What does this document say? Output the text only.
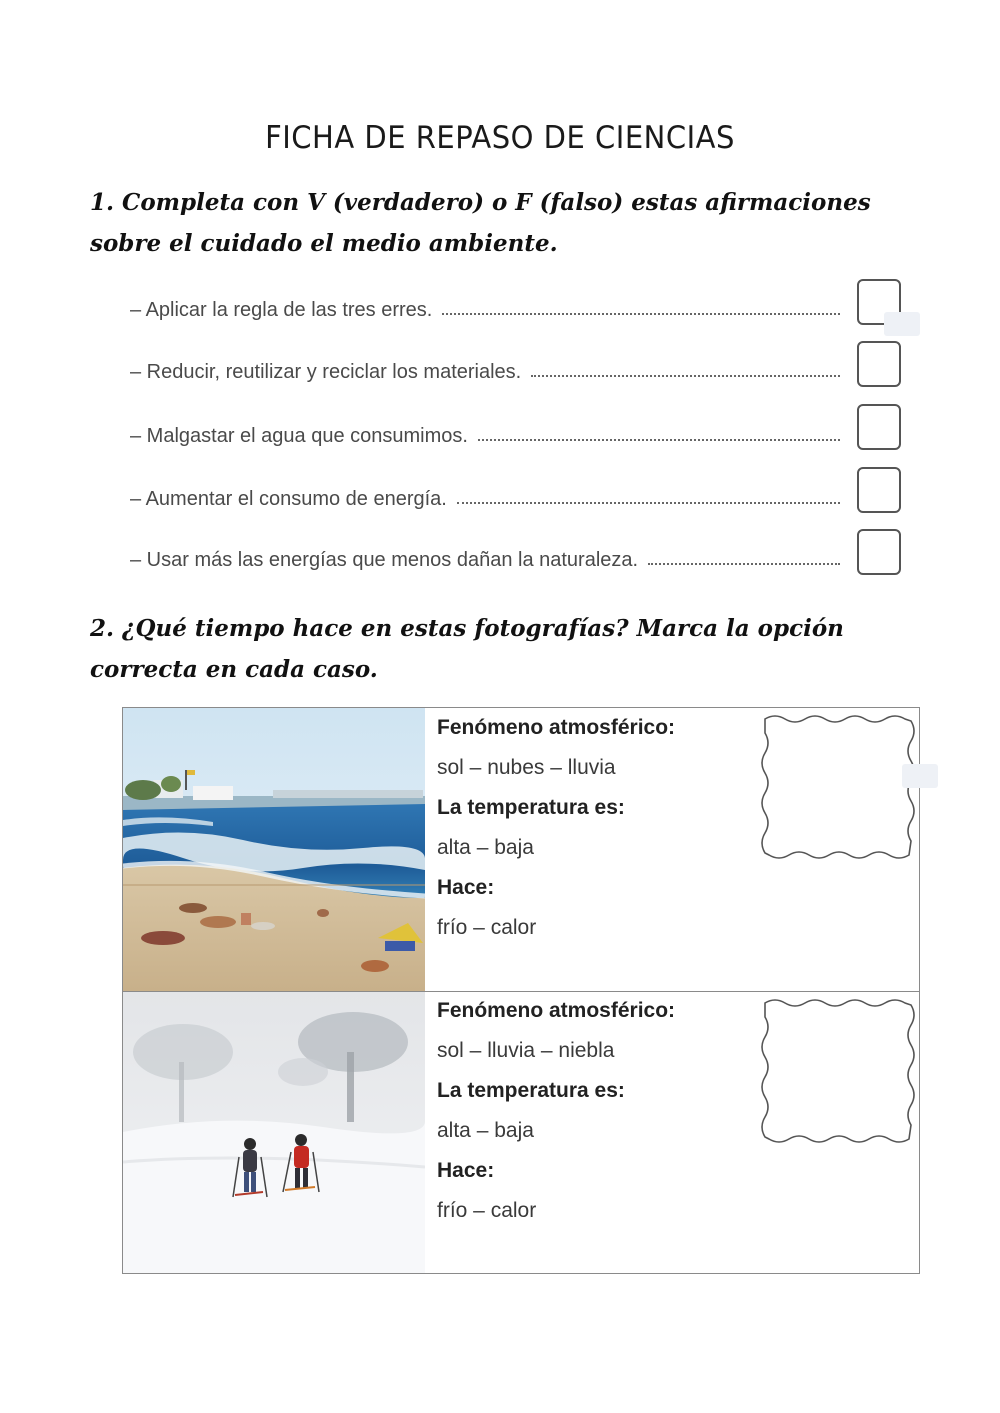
FICHA DE REPASO DE CIENCIAS
1. Completa con V (verdadero) o F (falso) estas afirmaciones sobre el cuidado el medio ambiente.
– Aplicar la regla de las tres erres.
– Reducir, reutilizar y reciclar los materiales.
– Malgastar el agua que consumimos.
– Aumentar el consumo de energía.
– Usar más las energías que menos dañan la naturaleza.
2. ¿Qué tiempo hace en estas fotografías? Marca la opción correcta en cada caso.
Fenómeno atmosférico:
sol – nubes – lluvia
La temperatura es:
alta – baja
Hace:
frío – calor
Fenómeno atmosférico:
sol – lluvia – niebla
La temperatura es:
alta – baja
Hace:
frío – calor
